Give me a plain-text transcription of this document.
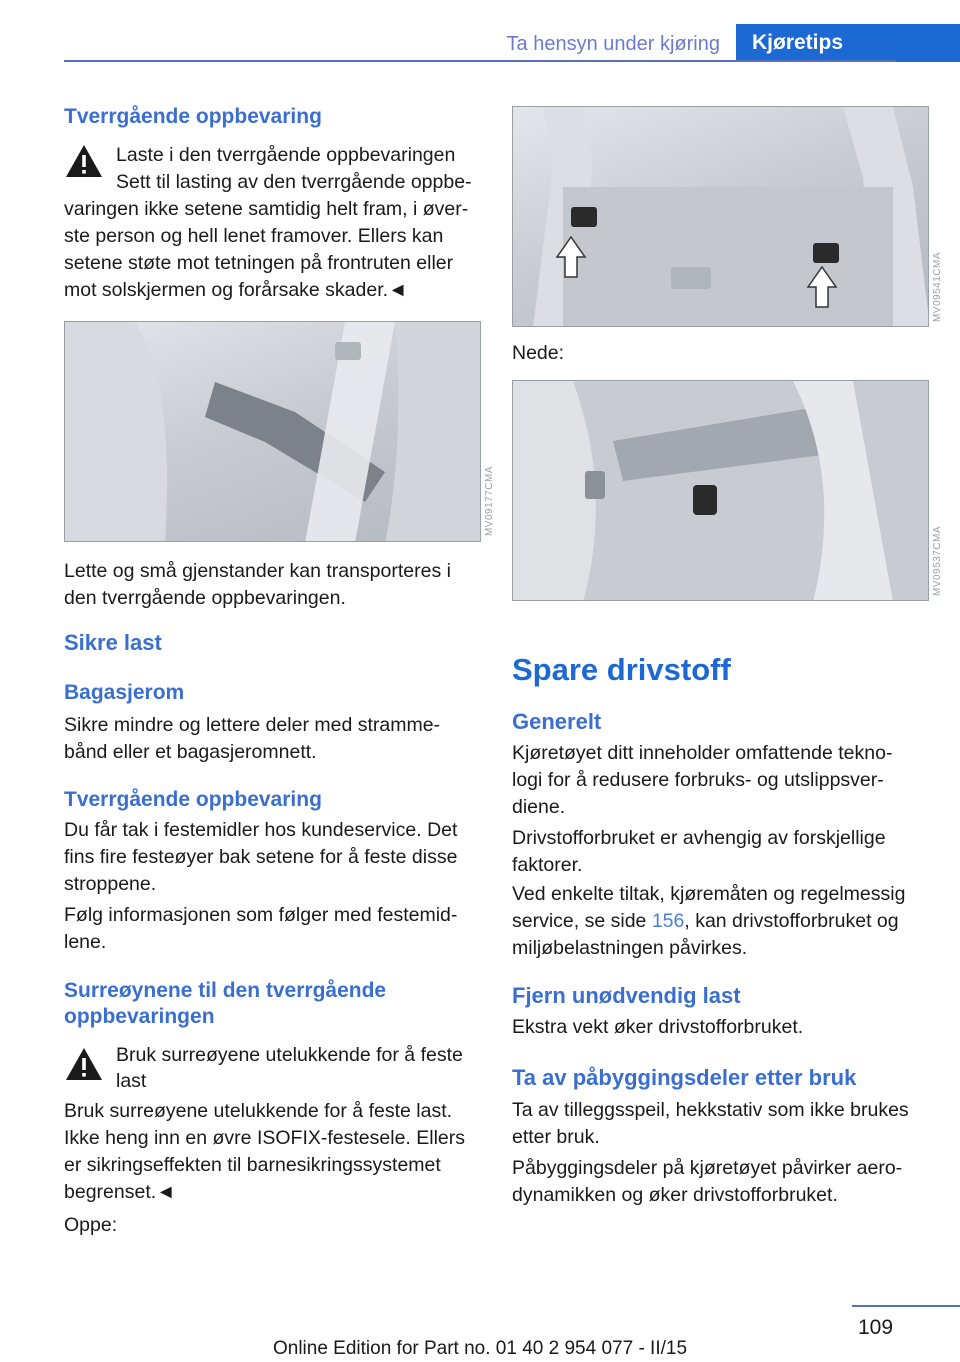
Ta hensyn under kjøring	Kjøretips
Tverrgående oppbevaring
Laste i den tverrgående oppbevaringen
Sett til lasting av den tverrgående oppbe-
varingen ikke setene samtidig helt fram, i øver-
ste person og hell lenet framover. Ellers kan
setene støte mot tetningen på frontruten eller
mot solskjermen og forårsake skader.◄
MV09177CMA
Lette og små gjenstander kan transporteres i
den tverrgående oppbevaringen.
Sikre last
Bagasjerom
Sikre mindre og lettere deler med stramme-
bånd eller et bagasjeromnett.
Tverrgående oppbevaring
Du får tak i festemidler hos kundeservice. Det
fins fire festeøyer bak setene for å feste disse
stroppene.
Følg informasjonen som følger med festemid-
lene.
Surreøynene til den tverrgående
oppbevaringen
Bruk surreøyene utelukkende for å feste
last
Bruk surreøyene utelukkende for å feste last.
Ikke heng inn en øvre ISOFIX-festesele. Ellers
er sikringseffekten til barnesikringssystemet
begrenset.◄
Oppe:
MV09541CMA
Nede:
MV09537CMA
Spare drivstoff
Generelt
Kjøretøyet ditt inneholder omfattende tekno-
logi for å redusere forbruks- og utslippsver-
diene.
Drivstofforbruket er avhengig av forskjellige
faktorer.
Ved enkelte tiltak, kjøremåten og regelmessig
service, se side 156, kan drivstofforbruket og
miljøbelastningen påvirkes.
Fjern unødvendig last
Ekstra vekt øker drivstofforbruket.
Ta av påbyggingsdeler etter bruk
Ta av tilleggsspeil, hekkstativ som ikke brukes
etter bruk.
Påbyggingsdeler på kjøretøyet påvirker aero-
dynamikken og øker drivstofforbruket.
109
Online Edition for Part no. 01 40 2 954 077 - II/15
